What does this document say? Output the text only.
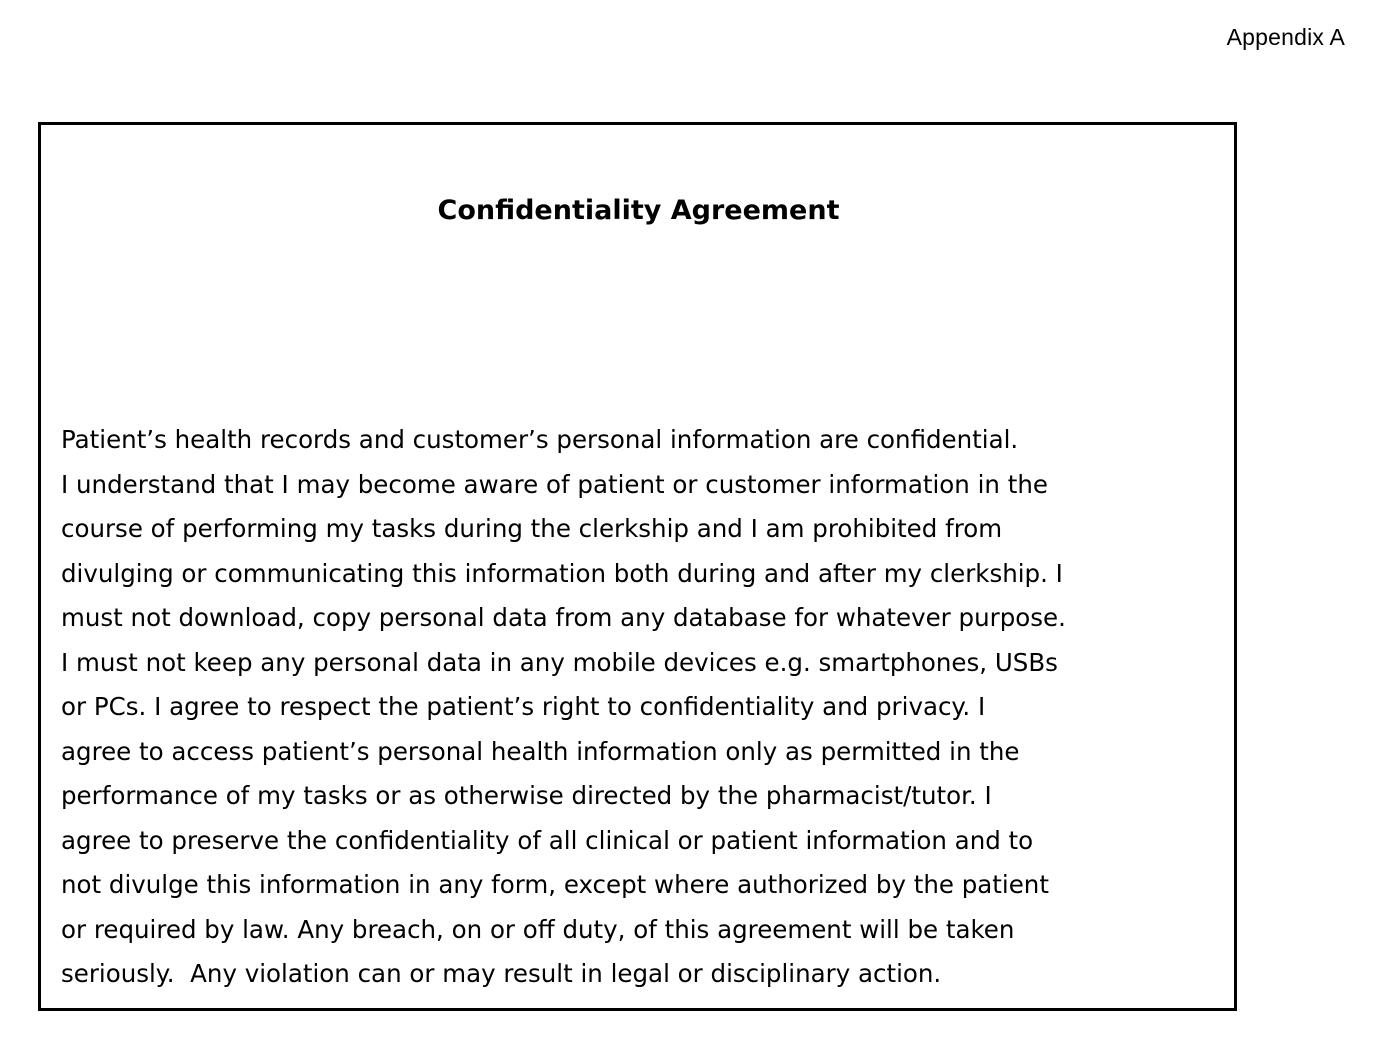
Appendix A
Confidentiality Agreement
Patient’s health records and customer’s personal information are confidential.
I understand that I may become aware of patient or customer information in the
course of performing my tasks during the clerkship and I am prohibited from
divulging or communicating this information both during and after my clerkship. I
must not download, copy personal data from any database for whatever purpose.
I must not keep any personal data in any mobile devices e.g. smartphones, USBs
or PCs. I agree to respect the patient’s right to confidentiality and privacy. I
agree to access patient’s personal health information only as permitted in the
performance of my tasks or as otherwise directed by the pharmacist/tutor. I
agree to preserve the confidentiality of all clinical or patient information and to
not divulge this information in any form, except where authorized by the patient
or required by law. Any breach, on or off duty, of this agreement will be taken
seriously.  Any violation can or may result in legal or disciplinary action.
